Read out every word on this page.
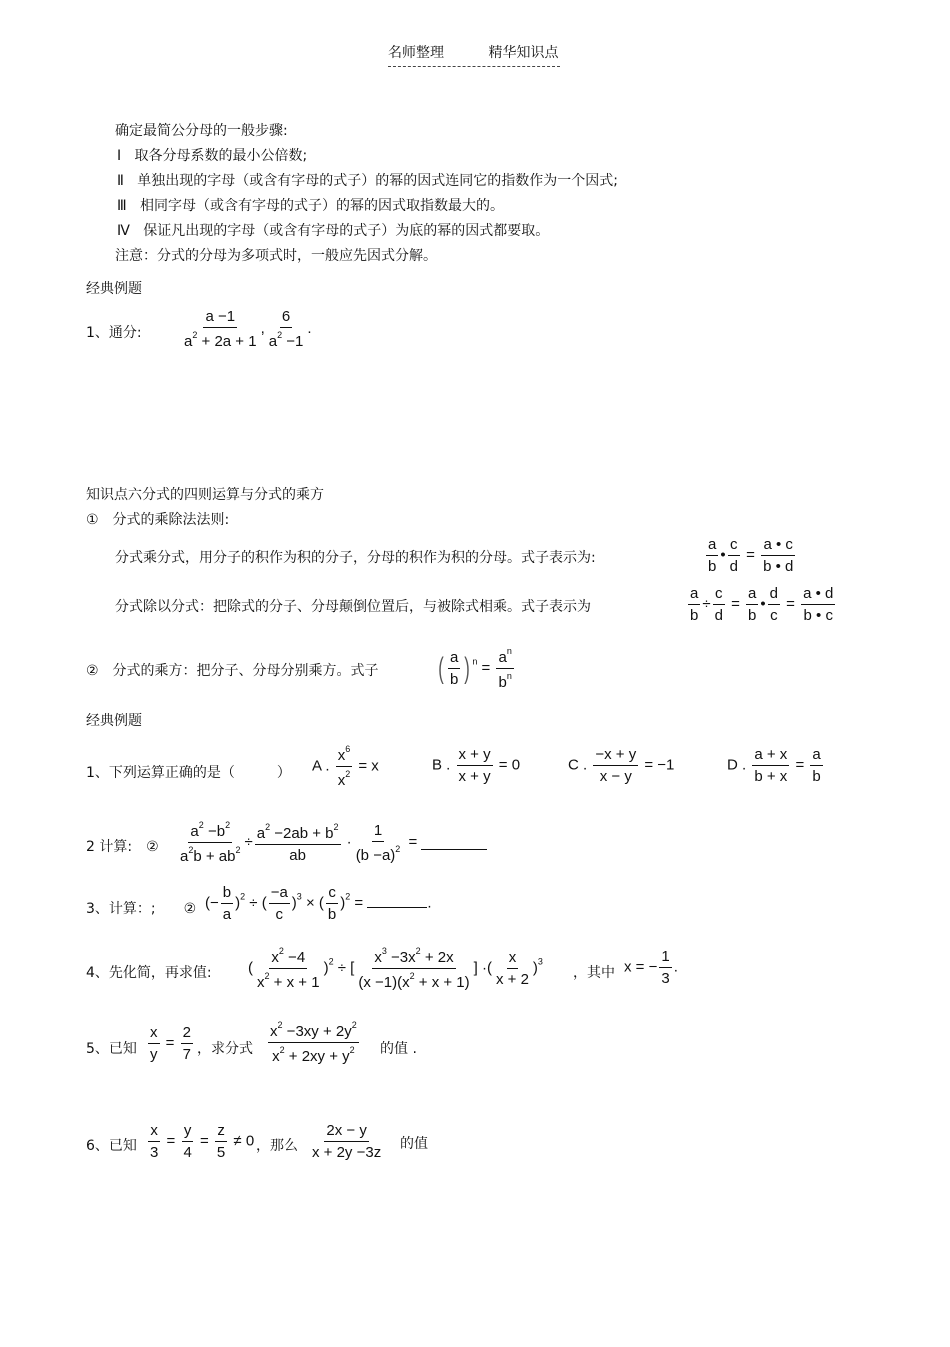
名师整理	精华知识点
确定最简公分母的一般步骤:
Ⅰ 取各分母系数的最小公倍数;
Ⅱ 单独出现的字母（或含有字母的式子）的幂的因式连同它的指数作为一个因式;
Ⅲ 相同字母（或含有字母的式子）的幂的因式取指数最大的。
Ⅳ 保证凡出现的字母（或含有字母的式子）为底的幂的因式都要取。
注意：分式的分母为多项式时，一般应先因式分解。
经典例题
1、通分:	$\frac{a -1}{a^2 + 2a + 1}$ , $\frac{6}{a^2 -1}$ .
知识点六分式的四则运算与分式的乘方
①　分式的乘除法法则:
分式乘分式，用分子的积作为积的分子，分母的积作为积的分母。式子表示为:	$\frac{a}{b}$ • $\frac{c}{d} = \frac{a • c}{b • d}$
分式除以分式：把除式的分子、分母颠倒位置后，与被除式相乘。式子表示为	$\frac{a}{b} \div \frac{c}{d} = \frac{a}{b}$ • $\frac{d}{c} = \frac{a • d}{b • c}$
②　分式的乘方：把分子、分母分别乘方。式子 ( $\frac{a}{b}$ ) $^n = \frac{a^n}{b^n}$
经典例题
1、下列运算正确的是（　　　） A . $\frac{x^6}{x^2} = x$	B . $\frac{x + y}{x + y} = 0$	C . $\frac{-x + y}{x - y} = -1$	D . $\frac{a + x}{b + x} = \frac{a}{b}$
2 计算:　② $\frac{a^2 -b^2}{a^2b + ab^2} \div \frac{a^2 -2ab + b^2}{ab} \cdot \frac{1}{(b -a)^2}$ =
3、计算：;　　② (− $\frac{b}{a} )^2$ ÷ ( $\frac{-a}{c} )^3$ × ( $\frac{c}{b} )^2$ =	.
4、先化简，再求值: ( $\frac{x^2 -4}{x^2 + x + 1} )^2$ ÷ [ $\frac{x^3 -3x^2 + 2x}{(x -1)(x^2 + x + 1)}$ ] ·( $\frac{x}{x + 2} )^3$
，其中 x = − $\frac{1}{3}$ .
5、已知 $\frac{x}{y} = \frac{2}{7}$ ，求分式 $\frac{x^2 -3xy + 2y^2}{x^2 + 2xy + y^2}$ 的值 .
6、已知 $\frac{x}{3} = \frac{y}{4} = \frac{z}{5} \ne 0$ ，那么 $\frac{2x - y}{x + 2y -3z}$ 的值
